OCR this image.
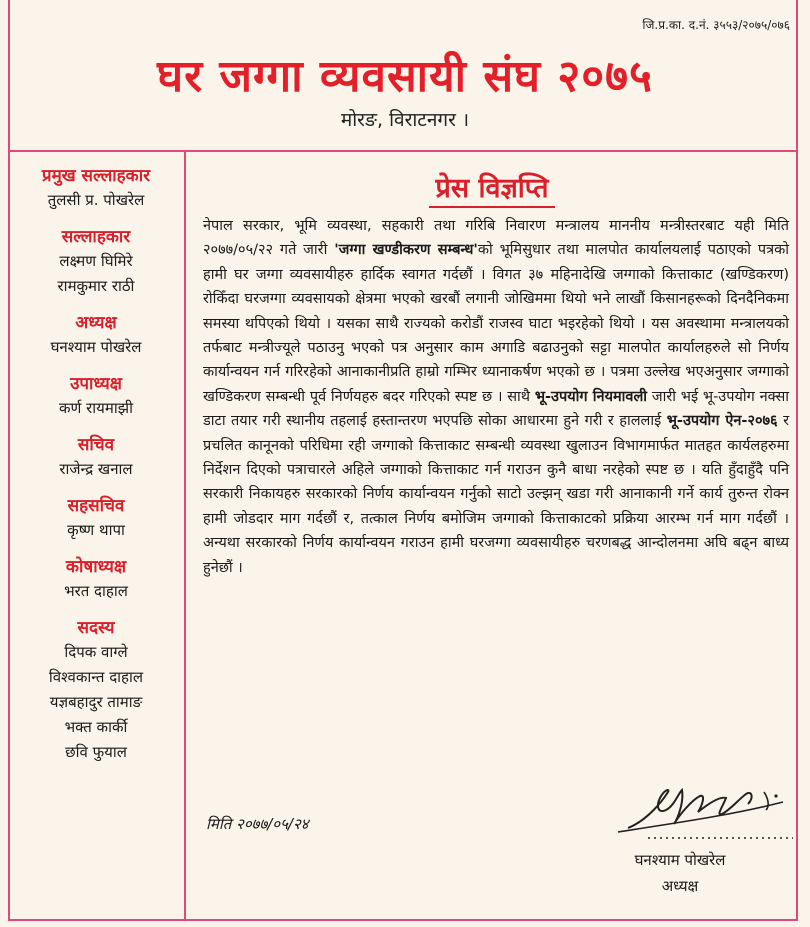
जि.प्र.का. द.नं. ३५५३/२०७५/०७६
घर जग्गा व्यवसायी संघ २०७५
मोरङ, विराटनगर ।
प्रमुख सल्लाहकार
तुलसी प्र. पोखरेल
सल्लाहकार
लक्ष्मण घिमिरे
रामकुमार राठी
अध्यक्ष
घनश्याम पोखरेल
उपाध्यक्ष
कर्ण रायमाझी
सचिव
राजेन्द्र खनाल
सहसचिव
कृष्ण थापा
कोषाध्यक्ष
भरत दाहाल
सदस्य
दिपक वाग्ले
विश्वकान्त दाहाल
यज्ञबहादुर तामाङ
भक्त कार्की
छवि फुयाल
प्रेस विज्ञप्ति
नेपाल सरकार, भूमि व्यवस्था, सहकारी तथा गरिबि निवारण मन्त्रालय माननीय मन्त्रीस्तरबाट यही मिति २०७७/०५/२२ गते जारी 'जग्गा खण्डीकरण सम्बन्ध'को भूमिसुधार तथा मालपोत कार्यालयलाई पठाएको पत्रको हामी घर जग्गा व्यवसायीहरु हार्दिक स्वागत गर्दछौं । विगत ३७ महिनादेखि जग्गाको कित्ताकाट (खण्डिकरण) रोकिँदा घरजग्गा व्यवसायको क्षेत्रमा भएको खरबौं लगानी जोखिममा थियो भने लाखौं किसानहरूको दिनदैनिकमा समस्या थपिएको थियो । यसका साथै राज्यको करोडौं राजस्व घाटा भइरहेको थियो । यस अवस्थामा मन्त्रालयको तर्फबाट मन्त्रीज्यूले पठाउनु भएको पत्र अनुसार काम अगाडि बढाउनुको सट्टा मालपोत कार्यालहरुले सो निर्णय कार्यान्वयन गर्न गरिरहेको आनाकानीप्रति हाम्रो गम्भिर ध्यानाकर्षण भएको छ । पत्रमा उल्लेख भएअनुसार जग्गाको खण्डिकरण सम्बन्धी पूर्व निर्णयहरु बदर गरिएको स्पष्ट छ । साथै भू-उपयोग नियमावली जारी भई भू-उपयोग नक्सा डाटा तयार गरी स्थानीय तहलाई हस्तान्तरण भएपछि सोका आधारमा हुने गरी र हाललाई भू-उपयोग ऐन-२०७६ र प्रचलित कानूनको परिधिमा रही जग्गाको कित्ताकाट सम्बन्धी व्यवस्था खुलाउन विभागमार्फत मातहत कार्यलहरुमा निर्देशन दिएको पत्राचारले अहिले जग्गाको कित्ताकाट गर्न गराउन कुनै बाधा नरहेको स्पष्ट छ । यति हुँदाहुँदै पनि सरकारी निकायहरु सरकारको निर्णय कार्यान्वयन गर्नुको साटो उल्झन् खडा गरी आनाकानी गर्ने कार्य तुरुन्त रोक्न हामी जोडदार माग गर्दछौं र, तत्काल निर्णय बमोजिम जग्गाको कित्ताकाटको प्रक्रिया आरम्भ गर्न माग गर्दछौं । अन्यथा सरकारको निर्णय कार्यान्वयन गराउन हामी घरजग्गा व्यवसायीहरु चरणबद्ध आन्दोलनमा अघि बढ्न बाध्य हुनेछौं ।
मिति २०७७/०५/२४
घनश्याम पोखरेल
अध्यक्ष
